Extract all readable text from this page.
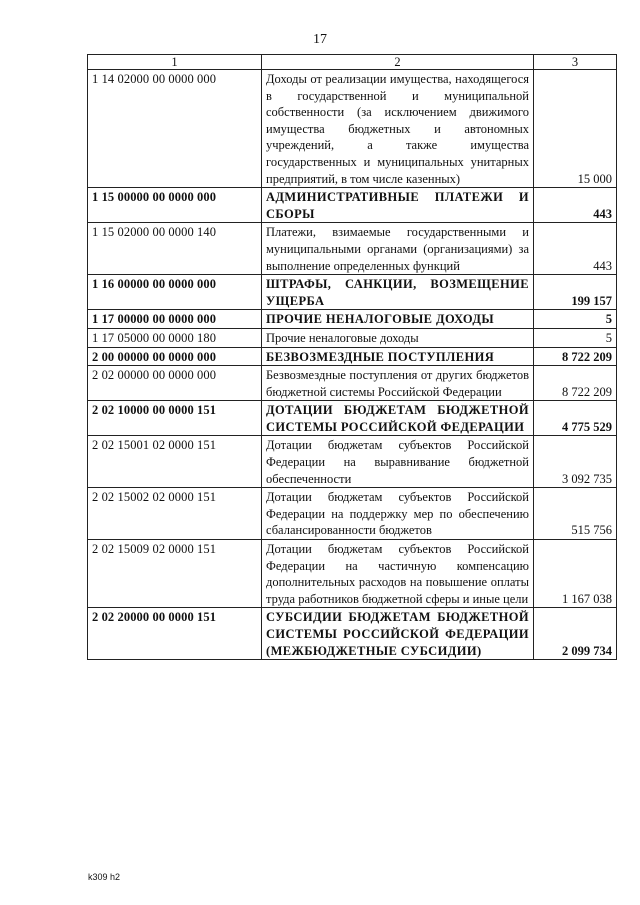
17
1	2	3
1 14 02000 00 0000 000	Доходы от реализации имущества, находящегося в государственной и муниципальной собственности (за исключением движимого имущества бюджетных и автономных учреждений, а также имущества государственных и муниципальных унитарных предприятий, в том числе казенных)	15 000
1 15 00000 00 0000 000	АДМИНИСТРАТИВНЫЕ ПЛАТЕЖИ И СБОРЫ	443
1 15 02000 00 0000 140	Платежи, взимаемые государственными и муниципальными органами (организациями) за выполнение определенных функций	443
1 16 00000 00 0000 000	ШТРАФЫ, САНКЦИИ, ВОЗМЕЩЕНИЕ УЩЕРБА	199 157
1 17 00000 00 0000 000	ПРОЧИЕ НЕНАЛОГОВЫЕ ДОХОДЫ	5
1 17 05000 00 0000 180	Прочие неналоговые доходы	5
2 00 00000 00 0000 000	БЕЗВОЗМЕЗДНЫЕ ПОСТУПЛЕНИЯ	8 722 209
2 02 00000 00 0000 000	Безвозмездные поступления от других бюджетов бюджетной системы Российской Федерации	8 722 209
2 02 10000 00 0000 151	ДОТАЦИИ БЮДЖЕТАМ БЮДЖЕТНОЙ СИСТЕМЫ РОССИЙСКОЙ ФЕДЕРАЦИИ	4 775 529
2 02 15001 02 0000 151	Дотации бюджетам субъектов Российской Федерации на выравнивание бюджетной обеспеченности	3 092 735
2 02 15002 02 0000 151	Дотации бюджетам субъектов Российской Федерации на поддержку мер по обеспечению сбалансированности бюджетов	515 756
2 02 15009 02 0000 151	Дотации бюджетам субъектов Российской Федерации на частичную компенсацию дополнительных расходов на повышение оплаты труда работников бюджетной сферы и иные цели	1 167 038
2 02 20000 00 0000 151	СУБСИДИИ БЮДЖЕТАМ БЮДЖЕТНОЙ СИСТЕМЫ РОССИЙСКОЙ ФЕДЕРАЦИИ (МЕЖБЮДЖЕТНЫЕ СУБСИДИИ)	2 099 734
k309 h2
